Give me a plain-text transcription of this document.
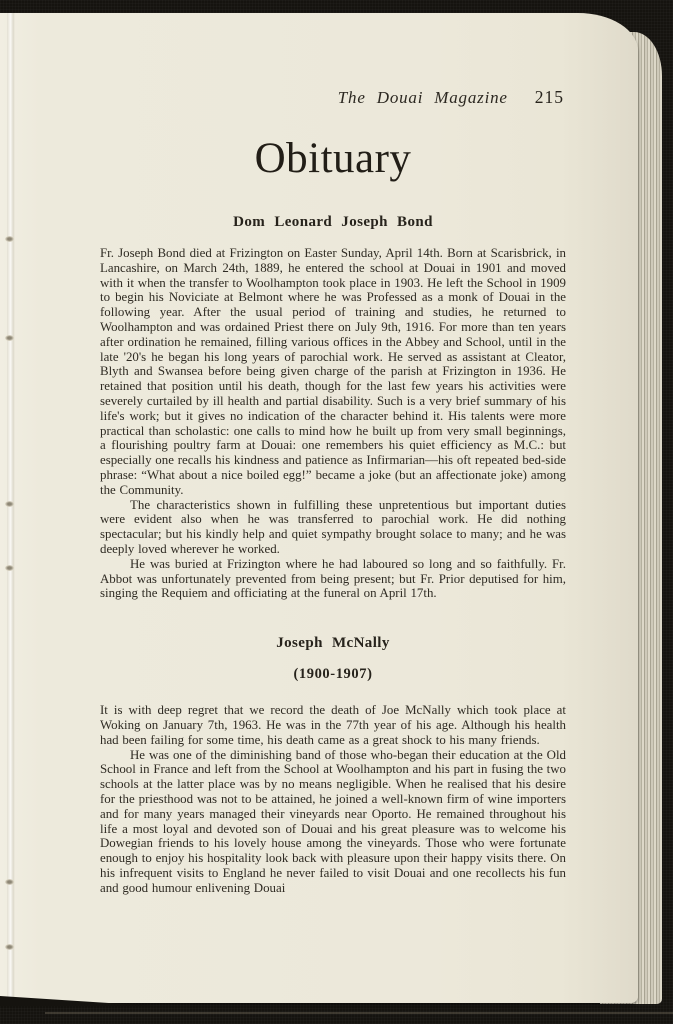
The Douai Magazine 215
Obituary
Dom Leonard Joseph Bond

Fr. Joseph Bond died at Frizington on Easter Sunday, April 14th. Born at Scarisbrick, in Lancashire, on March 24th, 1889, he entered the school at Douai in 1901 and moved with it when the transfer to Woolhampton took place in 1903. He left the School in 1909 to begin his Noviciate at Belmont where he was Professed as a monk of Douai in the following year. After the usual period of training and studies, he returned to Woolhampton and was ordained Priest there on July 9th, 1916. For more than ten years after ordination he remained, filling various offices in the Abbey and School, until in the late '20's he began his long years of parochial work. He served as assistant at Cleator, Blyth and Swansea before being given charge of the parish at Frizington in 1936. He retained that position until his death, though for the last few years his activities were severely curtailed by ill health and partial disability. Such is a very brief summary of his life's work; but it gives no indication of the character behind it. His talents were more practical than scholastic: one calls to mind how he built up from very small beginnings, a flourishing poultry farm at Douai: one remembers his quiet efficiency as M.C.: but especially one recalls his kindness and patience as Infirmarian—his oft repeated bed-side phrase: “What about a nice boiled egg!” became a joke (but an affectionate joke) among the Community.

The characteristics shown in fulfilling these unpretentious but important duties were evident also when he was transferred to parochial work. He did nothing spectacular; but his kindly help and quiet sympathy brought solace to many; and he was deeply loved wherever he worked.

He was buried at Frizington where he had laboured so long and so faithfully. Fr. Abbot was unfortunately prevented from being present; but Fr. Prior deputised for him, singing the Requiem and officiating at the funeral on April 17th.

Joseph McNally
(1900-1907)

It is with deep regret that we record the death of Joe McNally which took place at Woking on January 7th, 1963. He was in the 77th year of his age. Although his health had been failing for some time, his death came as a great shock to his many friends.

He was one of the diminishing band of those who-began their education at the Old School in France and left from the School at Woolhampton and his part in fusing the two schools at the latter place was by no means negligible. When he realised that his desire for the priesthood was not to be attained, he joined a well-known firm of wine importers and for many years managed their vineyards near Oporto. He remained throughout his life a most loyal and devoted son of Douai and his great pleasure was to welcome his Dowegian friends to his lovely house among the vineyards. Those who were fortunate enough to enjoy his hospitality look back with pleasure upon their happy visits there. On his infrequent visits to England he never failed to visit Douai and one recollects his fun and good humour enlivening Douai
